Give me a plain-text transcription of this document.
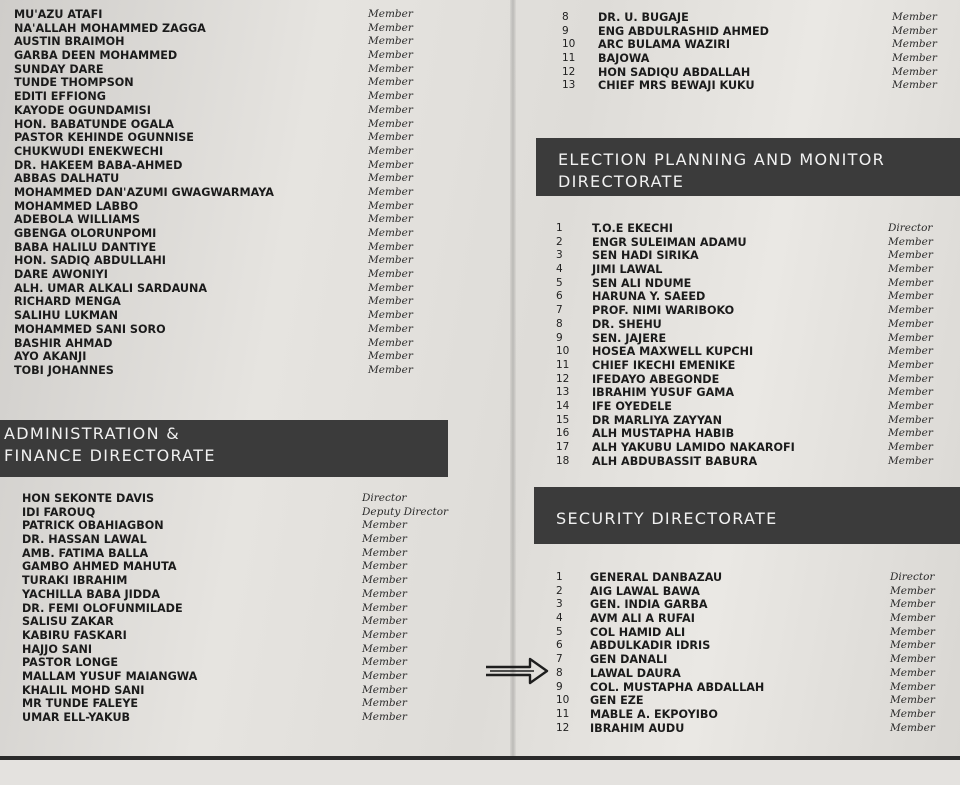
MU'AZU ATAFI	Member
NA'ALLAH MOHAMMED ZAGGA	Member
AUSTIN BRAIMOH	Member
GARBA DEEN MOHAMMED	Member
SUNDAY DARE	Member
TUNDE THOMPSON	Member
EDITI EFFIONG	Member
KAYODE OGUNDAMISI	Member
HON. BABATUNDE OGALA	Member
PASTOR KEHINDE OGUNNISE	Member
CHUKWUDI ENEKWECHI	Member
DR. HAKEEM BABA-AHMED	Member
ABBAS DALHATU	Member
MOHAMMED DAN'AZUMI GWAGWARMAYA	Member
MOHAMMED LABBO	Member
ADEBOLA WILLIAMS	Member
GBENGA OLORUNPOMI	Member
BABA HALILU DANTIYE	Member
HON. SADIQ ABDULLAHI	Member
DARE AWONIYI	Member
ALH. UMAR ALKALI SARDAUNA	Member
RICHARD MENGA	Member
SALIHU LUKMAN	Member
MOHAMMED SANI SORO	Member
BASHIR AHMAD	Member
AYO AKANJI	Member
TOBI JOHANNES	Member
ADMINISTRATION &
FINANCE DIRECTORATE
HON SEKONTE DAVIS	Director
IDI FAROUQ	Deputy Director
PATRICK OBAHIAGBON	Member
DR. HASSAN LAWAL	Member
AMB. FATIMA BALLA	Member
GAMBO AHMED MAHUTA	Member
TURAKI IBRAHIM	Member
YACHILLA BABA JIDDA	Member
DR. FEMI OLOFUNMILADE	Member
SALISU ZAKAR	Member
KABIRU FASKARI	Member
HAJJO SANI	Member
PASTOR LONGE	Member
MALLAM YUSUF MAIANGWA	Member
KHALIL MOHD SANI	Member
MR TUNDE FALEYE	Member
UMAR ELL-YAKUB	Member
8	DR. U. BUGAJE	Member
9	ENG ABDULRASHID AHMED	Member
10	ARC BULAMA WAZIRI	Member
11	BAJOWA	Member
12	HON SADIQU ABDALLAH	Member
13	CHIEF MRS BEWAJI KUKU	Member
ELECTION PLANNING AND MONITOR
DIRECTORATE
1	T.O.E EKECHI	Director
2	ENGR SULEIMAN ADAMU	Member
3	SEN HADI SIRIKA	Member
4	JIMI LAWAL	Member
5	SEN ALI NDUME	Member
6	HARUNA Y. SAEED	Member
7	PROF. NIMI WARIBOKO	Member
8	DR. SHEHU	Member
9	SEN. JAJERE	Member
10	HOSEA MAXWELL KUPCHI	Member
11	CHIEF IKECHI EMENIKE	Member
12	IFEDAYO ABEGONDE	Member
13	IBRAHIM YUSUF GAMA	Member
14	IFE OYEDELE	Member
15	DR MARLIYA ZAYYAN	Member
16	ALH MUSTAPHA HABIB	Member
17	ALH YAKUBU LAMIDO NAKAROFI	Member
18	ALH ABDUBASSIT BABURA	Member
SECURITY DIRECTORATE
1	GENERAL DANBAZAU	Director
2	AIG LAWAL BAWA	Member
3	GEN. INDIA GARBA	Member
4	AVM ALI A RUFAI	Member
5	COL HAMID ALI	Member
6	ABDULKADIR IDRIS	Member
7	GEN DANALI	Member
8	LAWAL DAURA	Member
9	COL. MUSTAPHA ABDALLAH	Member
10	GEN EZE	Member
11	MABLE A. EKPOYIBO	Member
12	IBRAHIM AUDU	Member
